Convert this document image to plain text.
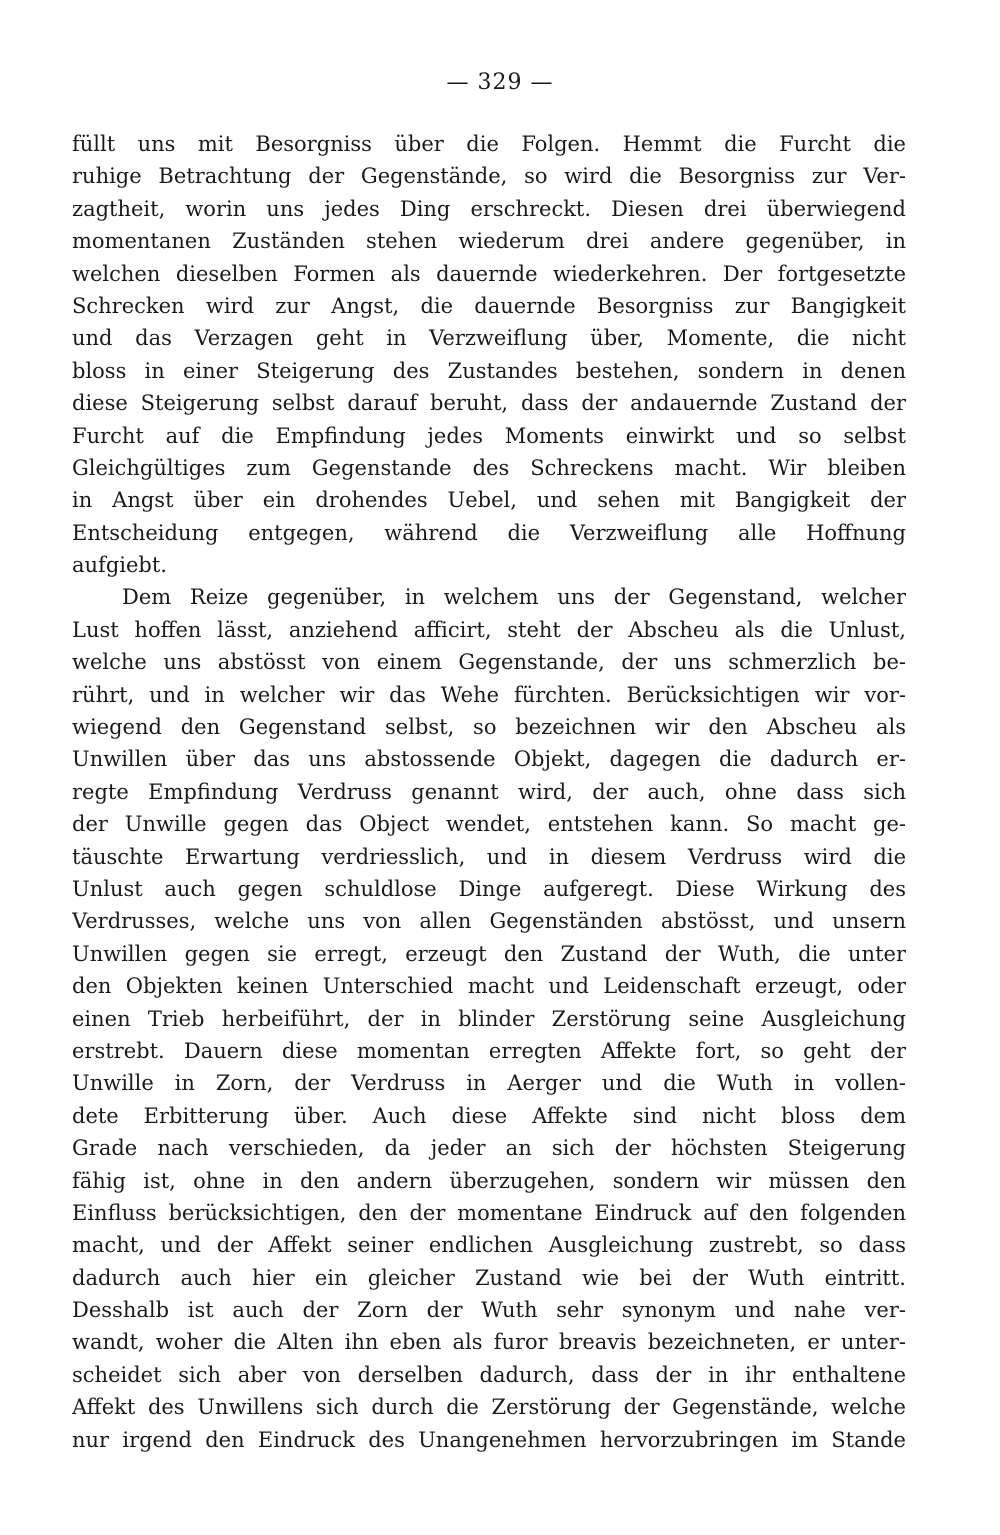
— 329 —
füllt uns mit Besorgniss über die Folgen. Hemmt die Furcht die
ruhige Betrachtung der Gegenstände, so wird die Besorgniss zur Ver-
zagtheit, worin uns jedes Ding erschreckt. Diesen drei überwiegend
momentanen Zuständen stehen wiederum drei andere gegenüber, in
welchen dieselben Formen als dauernde wiederkehren. Der fortgesetzte
Schrecken wird zur Angst, die dauernde Besorgniss zur Bangigkeit
und das Verzagen geht in Verzweiflung über, Momente, die nicht
bloss in einer Steigerung des Zustandes bestehen, sondern in denen
diese Steigerung selbst darauf beruht, dass der andauernde Zustand der
Furcht auf die Empfindung jedes Moments einwirkt und so selbst
Gleichgültiges zum Gegenstande des Schreckens macht. Wir bleiben
in Angst über ein drohendes Uebel, und sehen mit Bangigkeit der
Entscheidung entgegen, während die Verzweiflung alle Hoffnung
aufgiebt.
Dem Reize gegenüber, in welchem uns der Gegenstand, welcher
Lust hoffen lässt, anziehend afficirt, steht der Abscheu als die Unlust,
welche uns abstösst von einem Gegenstande, der uns schmerzlich be-
rührt, und in welcher wir das Wehe fürchten. Berücksichtigen wir vor-
wiegend den Gegenstand selbst, so bezeichnen wir den Abscheu als
Unwillen über das uns abstossende Objekt, dagegen die dadurch er-
regte Empfindung Verdruss genannt wird, der auch, ohne dass sich
der Unwille gegen das Object wendet, entstehen kann. So macht ge-
täuschte Erwartung verdriesslich, und in diesem Verdruss wird die
Unlust auch gegen schuldlose Dinge aufgeregt. Diese Wirkung des
Verdrusses, welche uns von allen Gegenständen abstösst, und unsern
Unwillen gegen sie erregt, erzeugt den Zustand der Wuth, die unter
den Objekten keinen Unterschied macht und Leidenschaft erzeugt, oder
einen Trieb herbeiführt, der in blinder Zerstörung seine Ausgleichung
erstrebt. Dauern diese momentan erregten Affekte fort, so geht der
Unwille in Zorn, der Verdruss in Aerger und die Wuth in vollen-
dete Erbitterung über. Auch diese Affekte sind nicht bloss dem
Grade nach verschieden, da jeder an sich der höchsten Steigerung
fähig ist, ohne in den andern überzugehen, sondern wir müssen den
Einfluss berücksichtigen, den der momentane Eindruck auf den folgenden
macht, und der Affekt seiner endlichen Ausgleichung zustrebt, so dass
dadurch auch hier ein gleicher Zustand wie bei der Wuth eintritt.
Desshalb ist auch der Zorn der Wuth sehr synonym und nahe ver-
wandt, woher die Alten ihn eben als furor breavis bezeichneten, er unter-
scheidet sich aber von derselben dadurch, dass der in ihr enthaltene
Affekt des Unwillens sich durch die Zerstörung der Gegenstände, welche
nur irgend den Eindruck des Unangenehmen hervorzubringen im Stande
